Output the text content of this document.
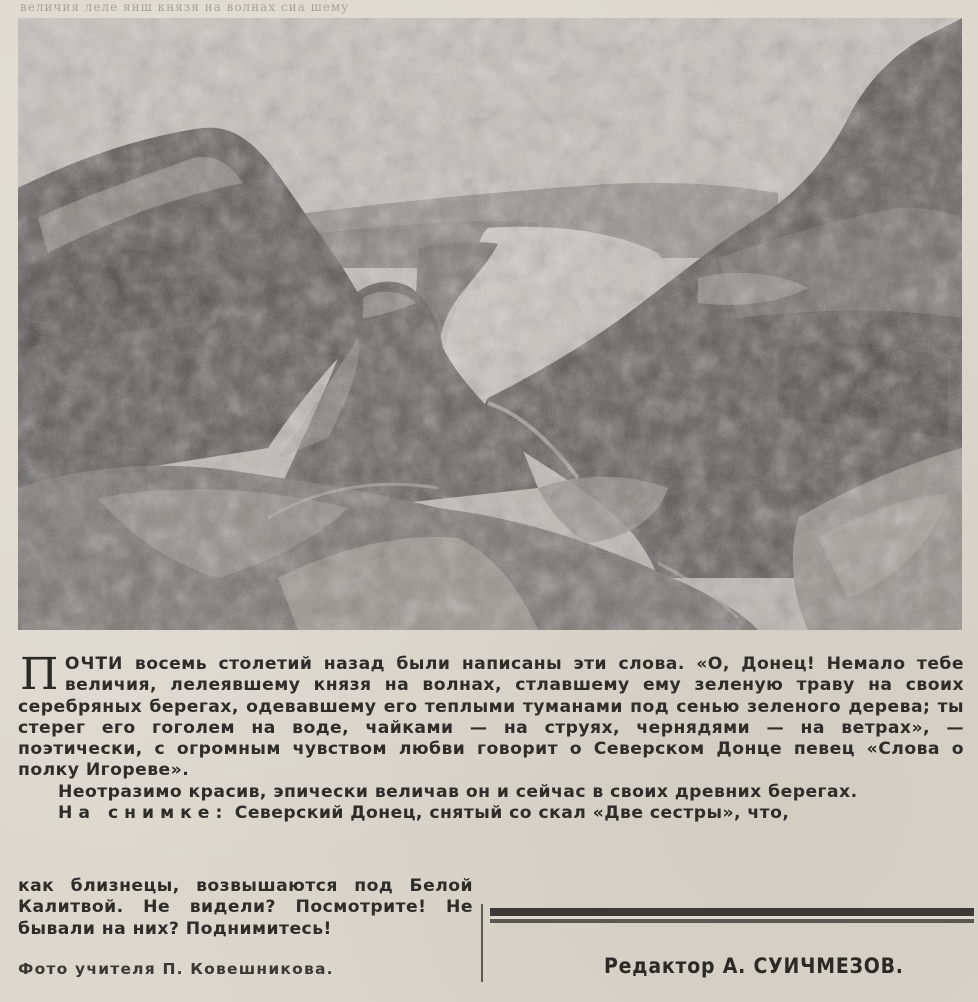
величия леле янш князя на волнах сиа шему

ПОЧТИ восемь столетий назад были написаны эти слова. «О, Донец! Немало тебе величия, лелеявшему князя на волнах, стлавшему ему зеленую траву на своих серебряных берегах, одевавшему его теплыми туманами под сенью зеленого дерева; ты стерег его гоголем на воде, чайками — на струях, чернядями — на ветрах», — поэтически, с огромным чувством любви говорит о Северском Донце певец «Слова о полку Игореве».

Неотразимо красив, эпически величав он и сейчас в своих древних берегах.

На снимке: Северский Донец, снятый со скал «Две сестры», что,

как близнецы, возвышаются под Белой Калитвой. Не видели? Посмотрите! Не бывали на них? Поднимитесь!
Фото учителя П. Ковешникова.	Редактор А. СУИЧМЕЗОВ.
